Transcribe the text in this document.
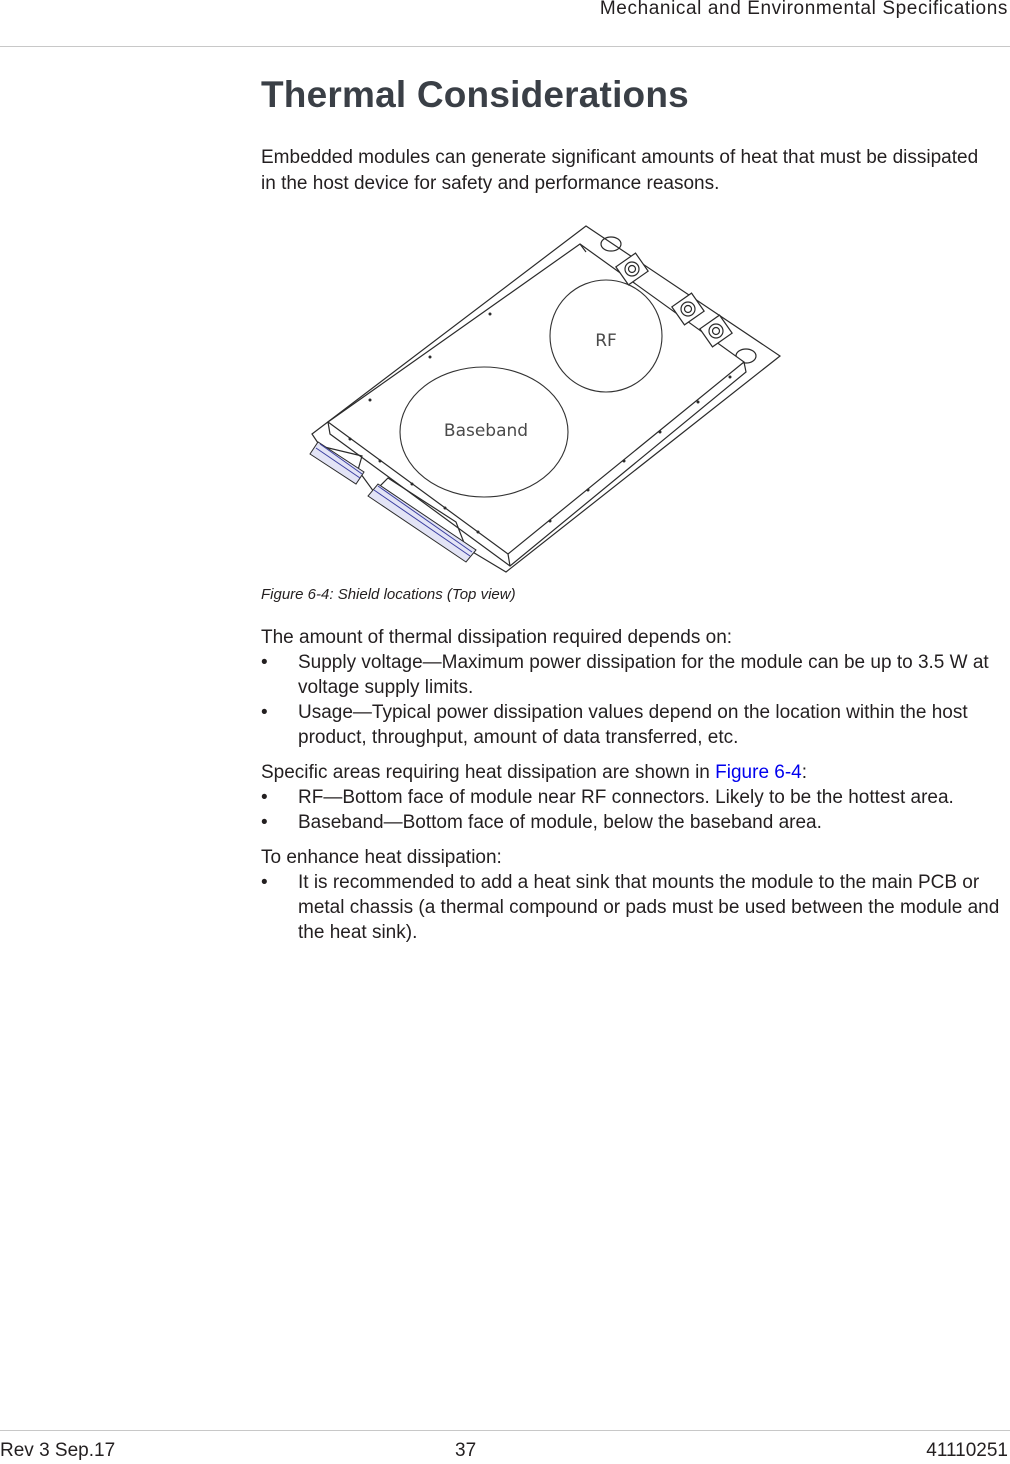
Mechanical and Environmental Specifications
Thermal Considerations

Embedded modules can generate significant amounts of heat that must be dissipated in the host device for safety and performance reasons.

RF
Baseband
Figure 6-4: Shield locations (Top view)

The amount of thermal dissipation required depends on:

• Supply voltage—Maximum power dissipation for the module can be up to 3.5 W at voltage supply limits.
• Usage—Typical power dissipation values depend on the location within the host product, throughput, amount of data transferred, etc.

Specific areas requiring heat dissipation are shown in Figure 6-4:

• RF—Bottom face of module near RF connectors. Likely to be the hottest area.
• Baseband—Bottom face of module, below the baseband area.

To enhance heat dissipation:

• It is recommended to add a heat sink that mounts the module to the main PCB or metal chassis (a thermal compound or pads must be used between the module and the heat sink).
Rev 3 Sep.17	37	41110251
